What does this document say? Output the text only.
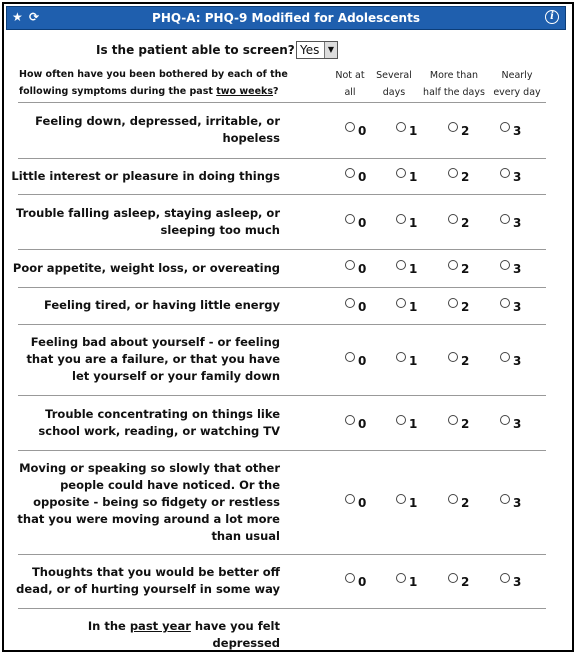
★ ⟳	PHQ-A: PHQ-9 Modified for Adolescents	i
Is the patient able to screen? Yes	▼
How often have you been bothered by each of the following symptoms during the past two weeks?
Not at
all
Several
days
More than
half the days
Nearly
every day
Feeling down, depressed, irritable, or
hopeless	0	1	2	3
Little interest or pleasure in doing things	0	1	2	3
Trouble falling asleep, staying asleep, or
sleeping too much	0	1	2	3
Poor appetite, weight loss, or overeating	0	1	2	3
Feeling tired, or having little energy	0	1	2	3
Feeling bad about yourself - or feeling
that you are a failure, or that you have
let yourself or your family down
0	1	2	3
Trouble concentrating on things like
school work, reading, or watching TV	0	1	2	3
Moving or speaking so slowly that other
people could have noticed. Or the
opposite - being so fidgety or restless
that you were moving around a lot more
than usual
0	1	2	3
Thoughts that you would be better off
dead, or of hurting yourself in some way	0	1	2	3
In the past year have you felt depressed
